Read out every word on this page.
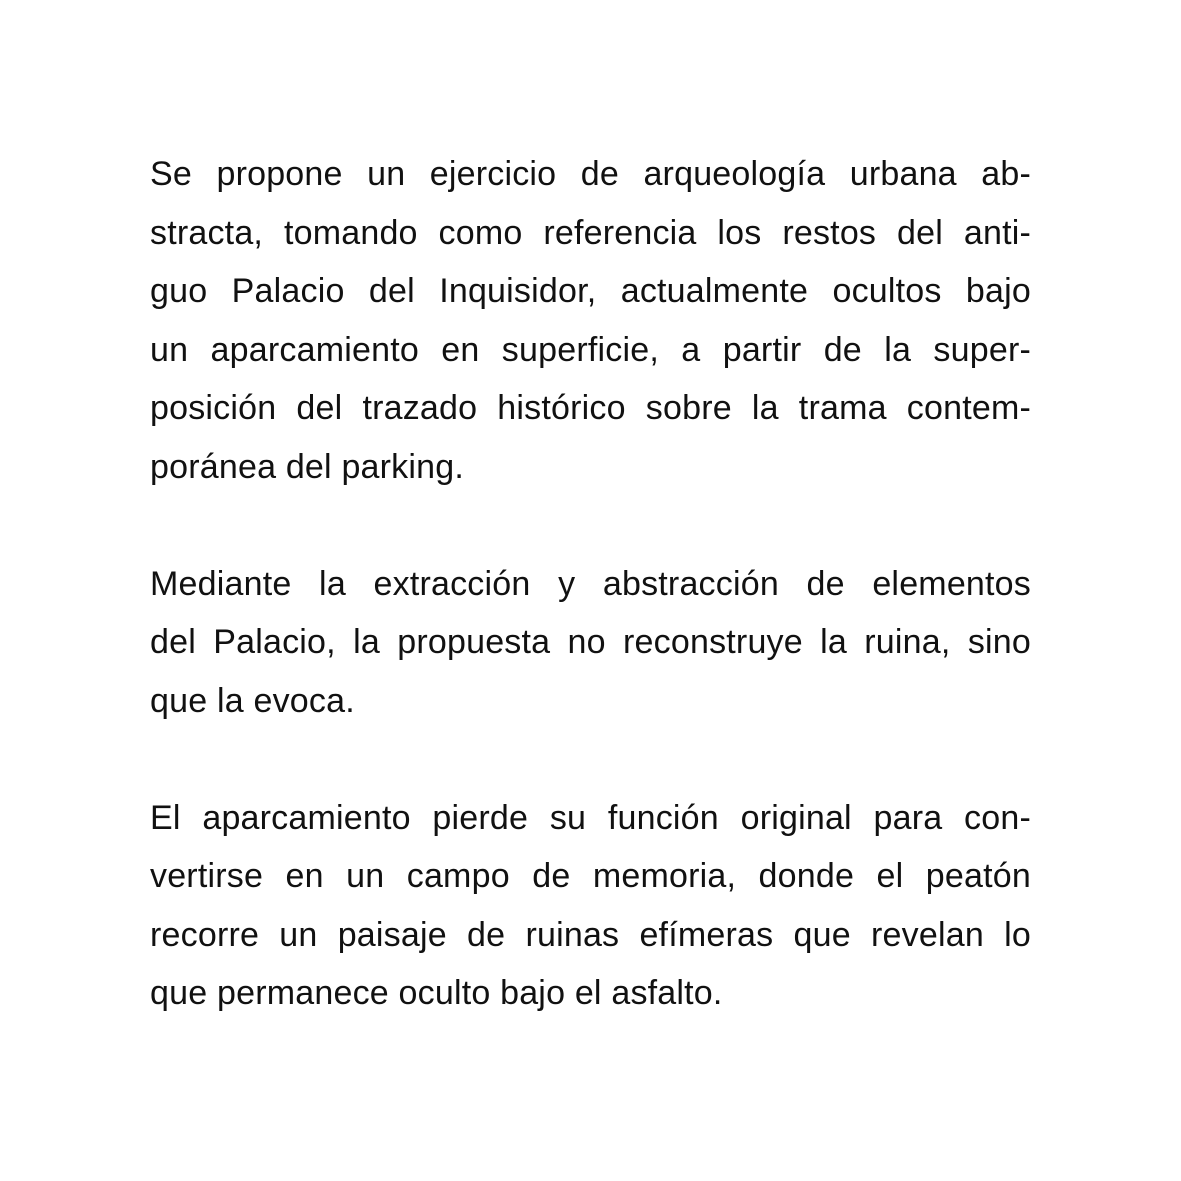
Se propone un ejercicio de arqueología urbana ab-
stracta, tomando como referencia los restos del anti-
guo Palacio del Inquisidor, actualmente ocultos bajo
un aparcamiento en superficie, a partir de la super-
posición del trazado histórico sobre la trama contem-
poránea del parking.
Mediante la extracción y abstracción de elementos
del Palacio, la propuesta no reconstruye la ruina, sino
que la evoca.
El aparcamiento pierde su función original para con-
vertirse en un campo de memoria, donde el peatón
recorre un paisaje de ruinas efímeras que revelan lo
que permanece oculto bajo el asfalto.
